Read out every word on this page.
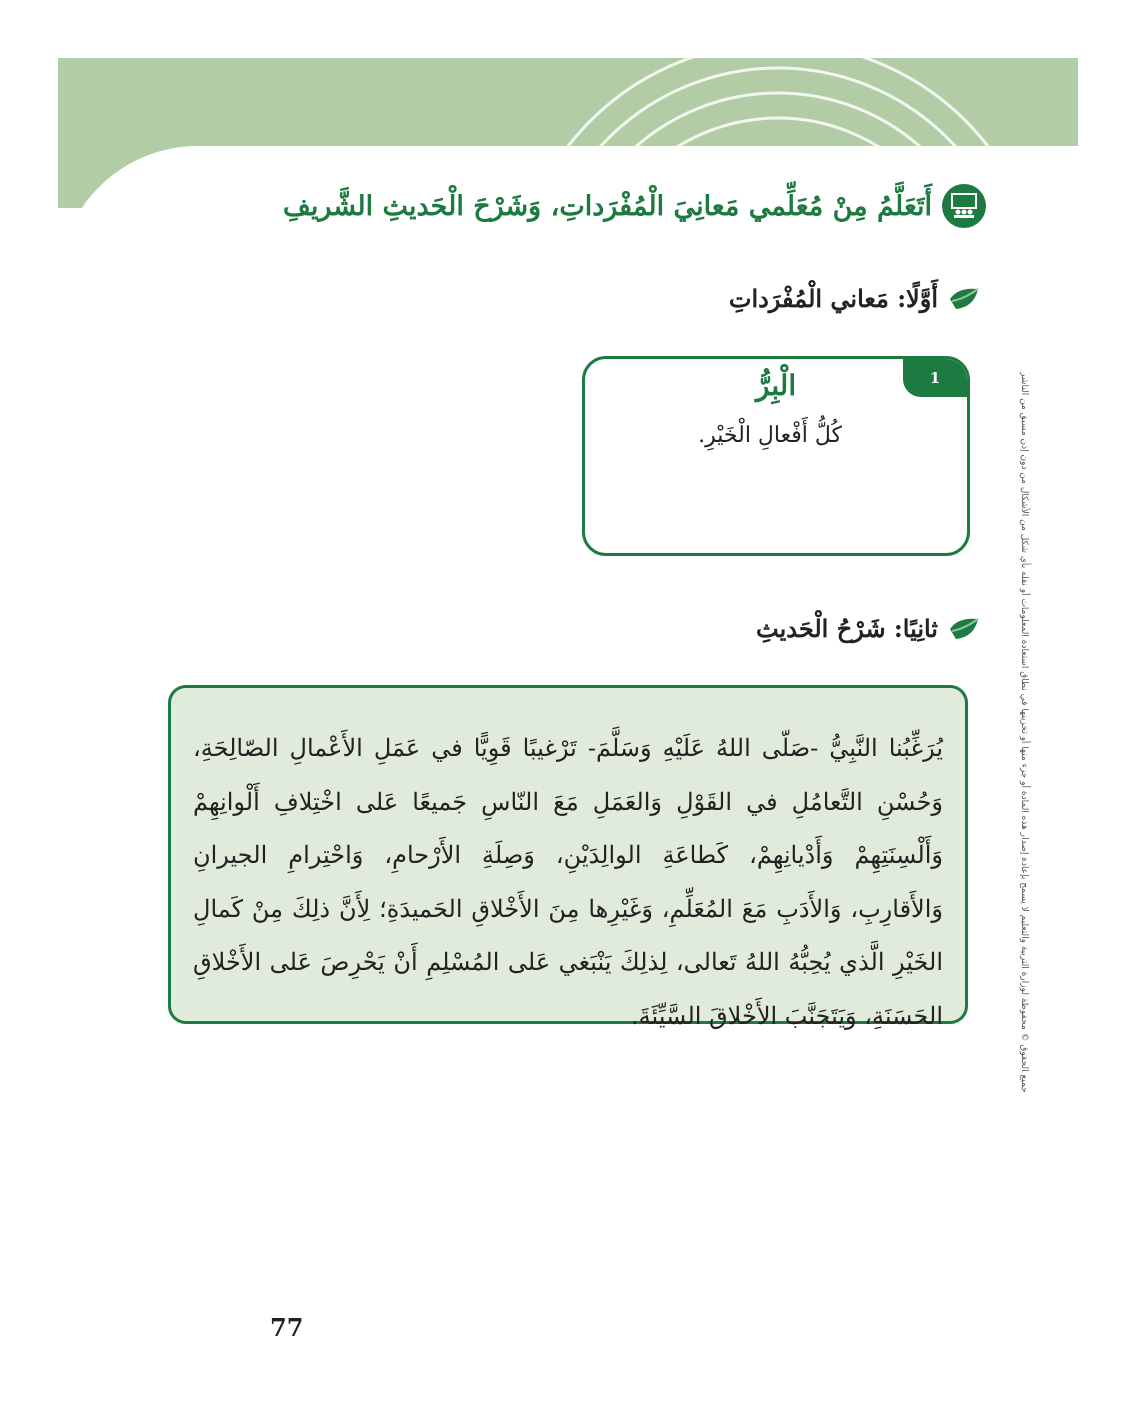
أَتَعَلَّمُ مِنْ مُعَلِّمي مَعانِيَ الْمُفْرَداتِ، وَشَرْحَ الْحَديثِ الشَّريفِ
أَوَّلًا: مَعاني الْمُفْرَداتِ
1
الْبِرُّ
كُلُّ أَفْعالِ الْخَيْرِ.
ثانِيًا: شَرْحُ الْحَديثِ
يُرَغِّبُنا النَّبِيُّ -صَلّى اللهُ عَلَيْهِ وَسَلَّمَ- تَرْغيبًا قَوِيًّا في عَمَلِ الأَعْمالِ الصّالِحَةِ، وَحُسْنِ التَّعامُلِ في القَوْلِ وَالعَمَلِ مَعَ النّاسِ جَميعًا عَلى اخْتِلافِ أَلْوانِهِمْ وَأَلْسِنَتِهِمْ وَأَدْيانِهِمْ، كَطاعَةِ الوالِدَيْنِ، وَصِلَةِ الأَرْحامِ، وَاحْتِرامِ الجيرانِ وَالأَقارِبِ، وَالأَدَبِ مَعَ المُعَلِّمِ، وَغَيْرِها مِنَ الأَخْلاقِ الحَميدَةِ؛ لِأَنَّ ذلِكَ مِنْ كَمالِ الخَيْرِ الَّذي يُحِبُّهُ اللهُ تَعالى، لِذلِكَ يَنْبَغي عَلى المُسْلِمِ أَنْ يَحْرِصَ عَلى الأَخْلاقِ الحَسَنَةِ، وَيَتَجَنَّبَ الأَخْلاقَ السَّيِّئَةَ.	جميع الحقوق © محفوظة لوزارة التربية والتعليم لا يسمح بإعادة إصدار هذه المادة أو جزء منها أو تخزينها في نطاق استعادة المعلومات أو نقله بأي شكل من الأشكال من دون إذن مسبق من الناشر
77
